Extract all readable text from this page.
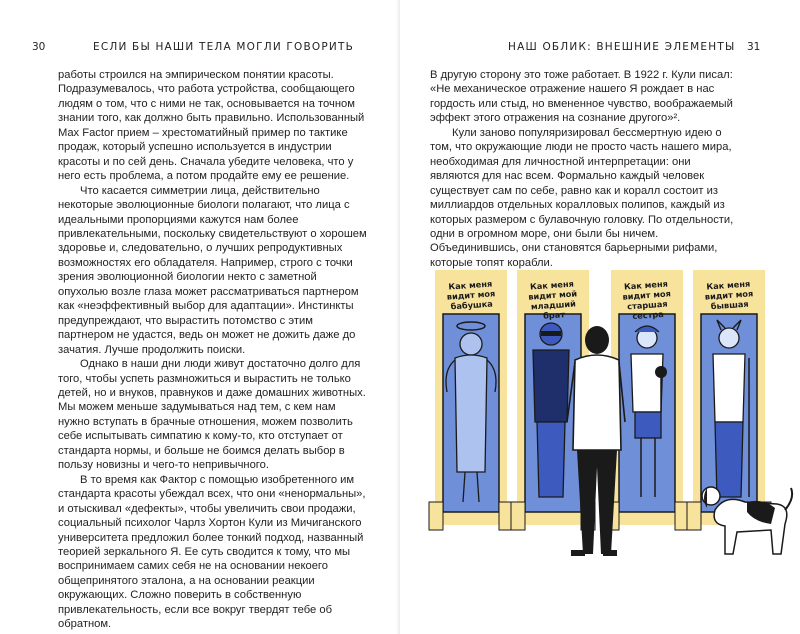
30	ЕСЛИ БЫ НАШИ ТЕЛА МОГЛИ ГОВОРИТЬ

работы строился на эмпирическом понятии красоты. Подразумевалось, что работа устройства, сообщающего людям о том, что с ними не так, основывается на точном знании того, как должно быть правильно. Использованный Max Factor прием – хрестоматийный пример по тактике продаж, который успешно используется в индустрии красоты и по сей день. Сначала убедите человека, что у него есть проблема, а потом продайте ему ее решение.

Что касается симметрии лица, действительно некоторые эволюционные биологи полагают, что лица с идеальными пропорциями кажутся нам более привлекательными, поскольку свидетельствуют о хорошем здоровье и, следовательно, о лучших репродуктивных возможностях его обладателя. Например, строго с точки зрения эволюционной биологии некто с заметной опухолью возле глаза может рассматриваться партнером как «неэффективный выбор для адаптации». Инстинкты предупреждают, что вырастить потомство с этим партнером не удастся, ведь он может не дожить даже до зачатия. Лучше продолжить поиски.

Однако в наши дни люди живут достаточно долго для того, чтобы успеть размножиться и вырастить не только детей, но и внуков, правнуков и даже домашних животных. Мы можем меньше задумываться над тем, с кем нам нужно вступать в брачные отношения, можем позволить себе испытывать симпатию к кому-то, кто отступает от стандарта нормы, и больше не боимся делать выбор в пользу новизны и чего-то непривычного.

В то время как Фактор с помощью изобретенного им стандарта красоты убеждал всех, что они «ненормальны», и отыскивал «дефекты», чтобы увеличить свои продажи, социальный психолог Чарлз Хортон Кули из Мичиганского университета предложил более тонкий подход, названный теорией зеркального Я. Ее суть сводится к тому, что мы воспринимаем самих себя не на основании некоего общепринятого эталона, а на основании реакции окружающих. Сложно поверить в собственную привлекательность, если все вокруг твердят тебе об обратном.

НАШ ОБЛИК: ВНЕШНИЕ ЭЛЕМЕНТЫ 31

В другую сторону это тоже работает. В 1922 г. Кули писал: «Не механическое отражение нашего Я рождает в нас гордость или стыд, но вмененное чувство, воображаемый эффект этого отражения на сознание другого»².

Кули заново популяризировал бессмертную идею о том, что окружающие люди не просто часть нашего мира, необходимая для личностной интерпретации: они являются для нас всем. Формально каждый человек существует сам по себе, равно как и коралл состоит из миллиардов отдельных коралловых полипов, каждый из которых размером с булавочную головку. По отдельности, одни в огромном море, они были бы ничем. Объединившись, они становятся барьерными рифами, которые топят корабли.

Как меня видит моя бабушка
Как меня видит мой младший брат
Как меня видит моя старшая сестра
Как меня видит моя бывшая
